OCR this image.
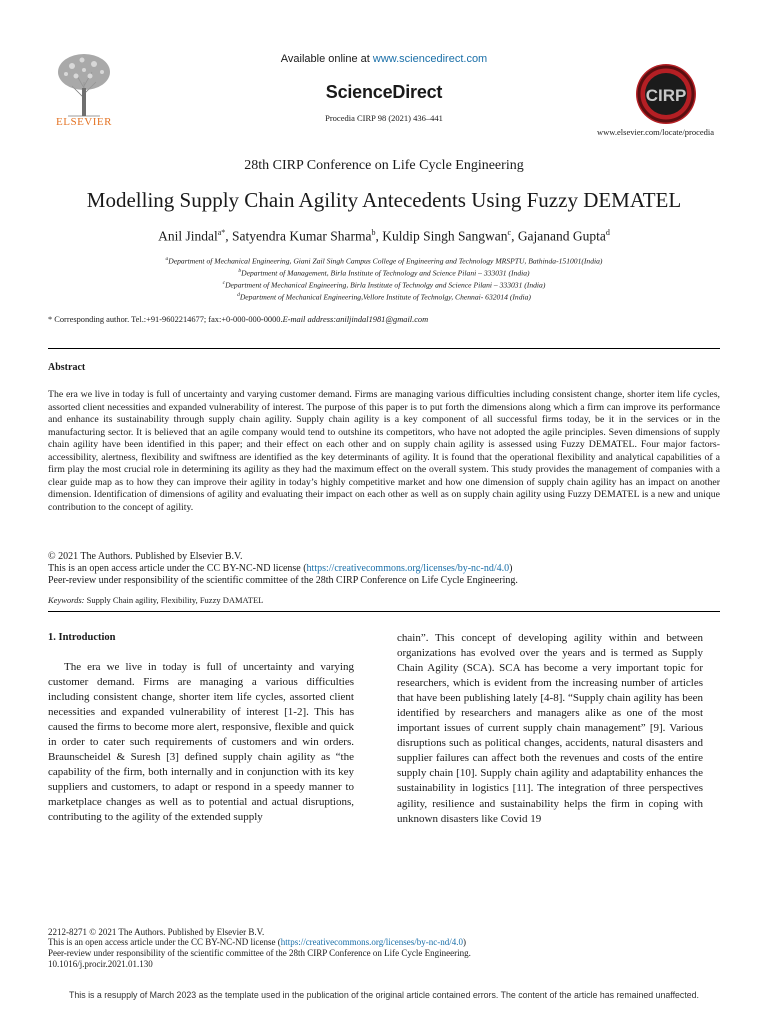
ELSEVIER
Available online at www.sciencedirect.com
ScienceDirect
Procedia CIRP 98 (2021) 436–441
CIRP
www.elsevier.com/locate/procedia
28th CIRP Conference on Life Cycle Engineering
Modelling Supply Chain Agility Antecedents Using Fuzzy DEMATEL
Anil Jindal$^{a*}$, Satyendra Kumar Sharma$^b$, Kuldip Singh Sangwan$^c$, Gajanand Gupta$^d$
$^a$Department of Mechanical Engineering, Giani Zail Singh Campus College of Engineering and Technology MRSPTU, Bathinda-151001(India)
$^b$Department of Management, Birla Institute of Technology and Science Pilani – 333031 (India)
$^c$Department of Mechanical Engineering, Birla Institute of Technolgy and Science Pilani – 333031 (India)
$^d$Department of Mechanical Engineering,Vellore Institute of Technolgy, Chennai- 632014 (India)
* Corresponding author. Tel.:+91-9602214677; fax:+0-000-000-0000.E-mail address:aniljindal1981@gmail.com
Abstract
The era we live in today is full of uncertainty and varying customer demand. Firms are managing various difficulties including consistent change, shorter item life cycles, assorted client necessities and expanded vulnerability of interest. The purpose of this paper is to put forth the dimensions along which a firm can improve its performance and enhance its sustainability through supply chain agility. Supply chain agility is a key component of all successful firms today, be it in the services or in the manufacturing sector. It is believed that an agile company would tend to outshine its competitors, who have not adopted the agile principles. Seven dimensions of supply chain agility have been identified in this paper; and their effect on each other and on supply chain agility is assessed using Fuzzy DEMATEL. Four major factors- accessibility, alertness, flexibility and swiftness are identified as the key determinants of agility. It is found that the operational flexibility and analytical capabilities of a firm play the most crucial role in determining its agility as they had the maximum effect on the overall system. This study provides the management of companies with a clear guide map as to how they can improve their agility in today’s highly competitive market and how one dimension of supply chain agility has an impact on another dimension. Identification of dimensions of agility and evaluating their impact on each other as well as on supply chain agility using Fuzzy DEMATEL is a new and unique contribution to the concept of agility.
© 2021 The Authors. Published by Elsevier B.V.
This is an open access article under the CC BY-NC-ND license (https://creativecommons.org/licenses/by-nc-nd/4.0)
Peer-review under responsibility of the scientific committee of the 28th CIRP Conference on Life Cycle Engineering.
Keywords: Supply Chain agility, Flexibility, Fuzzy DAMATEL
1. Introduction

The era we live in today is full of uncertainty and varying customer demand. Firms are managing a various difficulties including consistent change, shorter item life cycles, assorted client necessities and expanded vulnerability of interest [1-2]. This has caused the firms to become more alert, responsive, flexible and quick in order to cater such requirements of customers and win orders. Braunscheidel & Suresh [3] defined supply chain agility as “the capability of the firm, both internally and in conjunction with its key suppliers and customers, to adapt or respond in a speedy manner to marketplace changes as well as to potential and actual disruptions, contributing to the agility of the extended supply

chain”. This concept of developing agility within and between organizations has evolved over the years and is termed as Supply Chain Agility (SCA). SCA has become a very important topic for researchers, which is evident from the increasing number of articles that have been publishing lately [4-8]. “Supply chain agility has been identified by researchers and managers alike as one of the most important issues of current supply chain management” [9]. Various disruptions such as political changes, accidents, natural disasters and supplier failures can affect both the revenues and costs of the entire supply chain [10]. Supply chain agility and adaptability enhances the sustainability in logistics [11]. The integration of three perspectives agility, resilience and sustainability helps the firm in coping with unknown disasters like Covid 19

2212-8271 © 2021 The Authors. Published by Elsevier B.V.
This is an open access article under the CC BY-NC-ND license (https://creativecommons.org/licenses/by-nc-nd/4.0)
Peer-review under responsibility of the scientific committee of the 28th CIRP Conference on Life Cycle Engineering.
10.1016/j.procir.2021.01.130
This is a resupply of March 2023 as the template used in the publication of the original article contained errors. The content of the article has remained unaffected.
